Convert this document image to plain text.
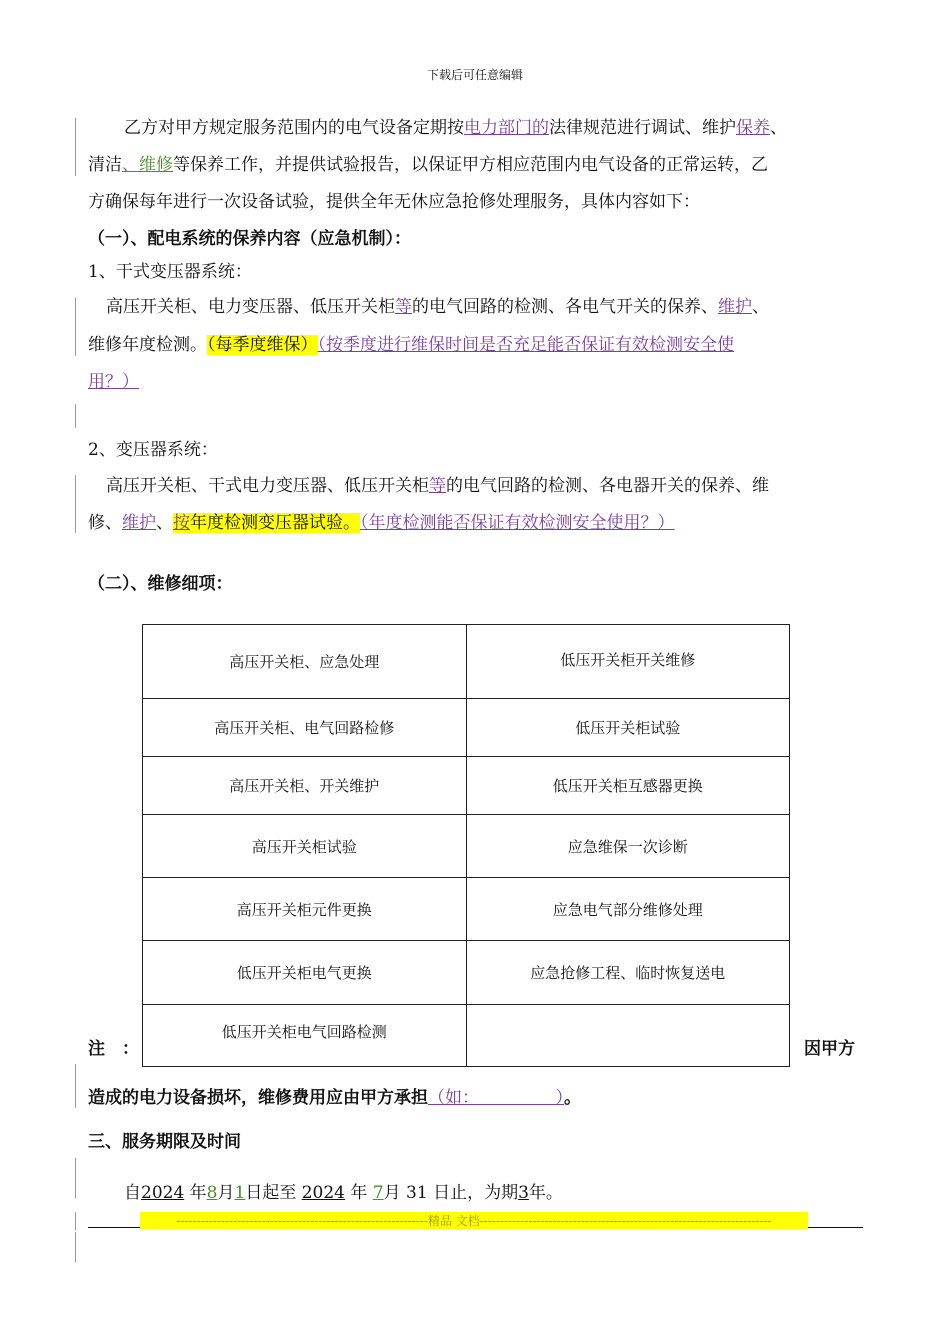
下载后可任意编辑
乙方对甲方规定服务范围内的电气设备定期按电力部门的法律规范进行调试、维护保养、
清洁、维修等保养工作，并提供试验报告，以保证甲方相应范围内电气设备的正常运转，乙
方确保每年进行一次设备试验，提供全年无休应急抢修处理服务，具体内容如下：
（一）、配电系统的保养内容（应急机制）：
1、干式变压器系统：
高压开关柜、电力变压器、低压开关柜等的电气回路的检测、各电气开关的保养、维护、
维修年度检测。（每季度维保）（按季度进行维保时间是否充足能否保证有效检测安全使
用？）
2、变压器系统：
高压开关柜、干式电力变压器、低压开关柜等的电气回路的检测、各电器开关的保养、维
修、维护、按年度检测变压器试验。（年度检测能否保证有效检测安全使用？）
（二）、维修细项：
高压开关柜、应急处理	低压开关柜开关维修
高压开关柜、电气回路检修	低压开关柜试验
高压开关柜、开关维护	低压开关柜互感器更换
高压开关柜试验	应急维保一次诊断
高压开关柜元件更换	应急电气部分维修处理
低压开关柜电气更换	应急抢修工程、临时恢复送电
低压开关柜电气回路检测	
注　：	因甲方
造成的电力设备损坏，维修费用应由甲方承担（如：　　　　　）。
三、服务期限及时间
自2024 年8月1日起至 2024 年 7月 31 日止，为期3年。
--------------------------------------------------------------精品 文档------------------------------------------------------------------------
